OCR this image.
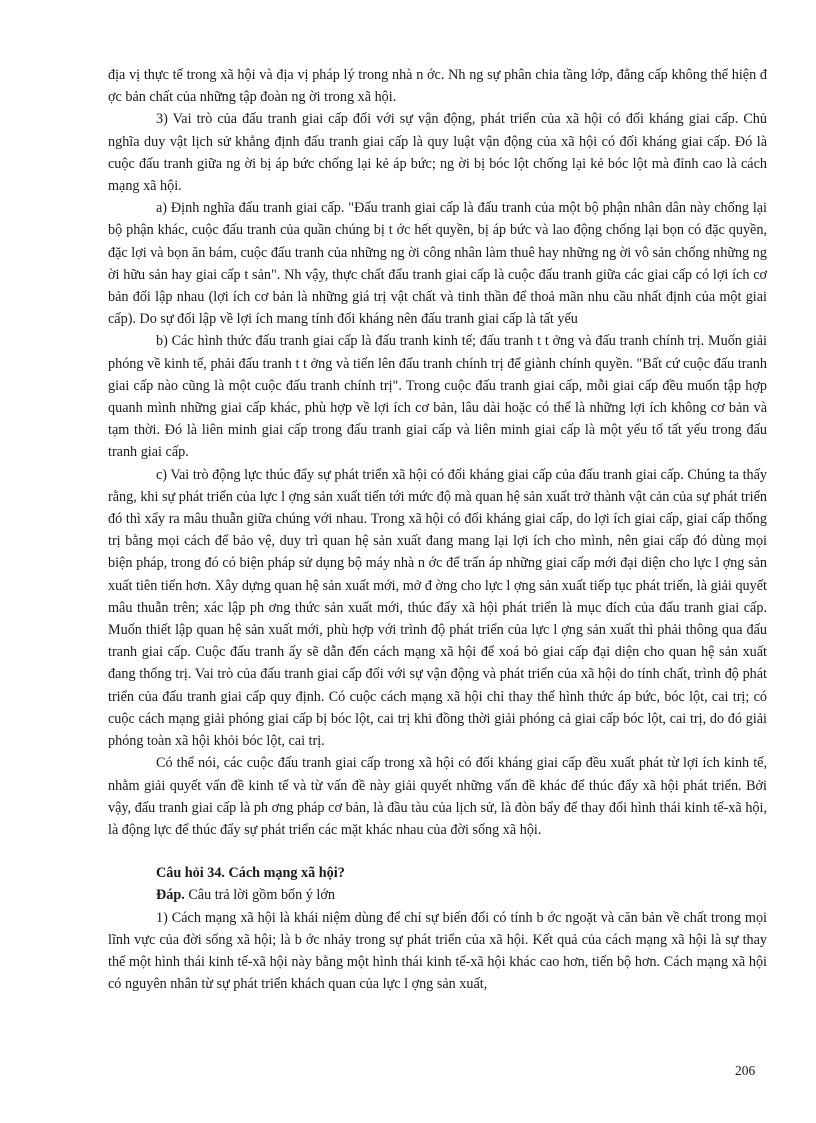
địa vị thực tế trong xã hội và địa vị pháp lý trong nhà n ớc. Nh ng sự phân chia tầng lớp, đẳng cấp không thể hiện đ ợc bản chất của những tập đoàn ng ời trong xã hội.

3) Vai trò của đấu tranh giai cấp đối với sự vận động, phát triển của xã hội có đối kháng giai cấp. Chủ nghĩa duy vật lịch sử khẳng định đấu tranh giai cấp là quy luật vận động của xã hội có đối kháng giai cấp. Đó là cuộc đấu tranh giữa ng ời bị áp bức chống lại kẻ áp bức; ng ời bị bóc lột chống lại kẻ bóc lột mà đỉnh cao là cách mạng xã hội.

a) Định nghĩa đấu tranh giai cấp. "Đấu tranh giai cấp là đấu tranh của một bộ phận nhân dân này chống lại bộ phận khác, cuộc đấu tranh của quần chúng bị t ớc hết quyền, bị áp bức và lao động chống lại bọn có đặc quyền, đặc lợi và bọn ăn bám, cuộc đấu tranh của những ng ời công nhân làm thuê hay những ng ời vô sản chống những ng ời hữu sản hay giai cấp t sản". Nh vậy, thực chất đấu tranh giai cấp là cuộc đấu tranh giữa các giai cấp có lợi ích cơ bản đối lập nhau (lợi ích cơ bản là những giá trị vật chất và tinh thần để thoả mãn nhu cầu nhất định của một giai cấp). Do sự đối lập về lợi ích mang tính đối kháng nên đấu tranh giai cấp là tất yếu

b) Các hình thức đấu tranh giai cấp là đấu tranh kinh tế; đấu tranh t t ởng và đấu tranh chính trị. Muốn giải phóng về kinh tế, phải đấu tranh t t ởng và tiến lên đấu tranh chính trị để giành chính quyền. "Bất cứ cuộc đấu tranh giai cấp nào cũng là một cuộc đấu tranh chính trị". Trong cuộc đấu tranh giai cấp, mỗi giai cấp đều muốn tập hợp quanh mình những giai cấp khác, phù hợp về lợi ích cơ bản, lâu dài hoặc có thể là những lợi ích không cơ bản và tạm thời. Đó là liên minh giai cấp trong đấu tranh giai cấp và liên minh giai cấp là một yếu tố tất yếu trong đấu tranh giai cấp.

c) Vai trò động lực thúc đẩy sự phát triển xã hội có đối kháng giai cấp của đấu tranh giai cấp. Chúng ta thấy rằng, khi sự phát triển của lực l ợng sản xuất tiến tới mức độ mà quan hệ sản xuất trở thành vật cản của sự phát triển đó thì xẩy ra mâu thuẫn giữa chúng với nhau. Trong xã hội có đối kháng giai cấp, do lợi ích giai cấp, giai cấp thống trị bằng mọi cách để bảo vệ, duy trì quan hệ sản xuất đang mang lại lợi ích cho mình, nên giai cấp đó dùng mọi biện pháp, trong đó có biện pháp sử dụng bộ máy nhà n ớc để trấn áp những giai cấp mới đại diện cho lực l ợng sản xuất tiên tiến hơn. Xây dựng quan hệ sản xuất mới, mở đ ờng cho lực l ợng sản xuất tiếp tục phát triển, là giải quyết mâu thuẫn trên; xác lập ph ơng thức sản xuất mới, thúc đẩy xã hội phát triển là mục đích của đấu tranh giai cấp. Muốn thiết lập quan hệ sản xuất mới, phù hợp với trình độ phát triển của lực l ợng sản xuất thì phải thông qua đấu tranh giai cấp. Cuộc đấu tranh ấy sẽ dẫn đến cách mạng xã hội để xoá bỏ giai cấp đại diện cho quan hệ sản xuất đang thống trị. Vai trò của đấu tranh giai cấp đối với sự vận động và phát triển của xã hội do tính chất, trình độ phát triển của đấu tranh giai cấp quy định. Có cuộc cách mạng xã hội chỉ thay thế hình thức áp bức, bóc lột, cai trị; có cuộc cách mạng giải phóng giai cấp bị bóc lột, cai trị khi đồng thời giải phóng cả giai cấp bóc lột, cai trị, do đó giải phóng toàn xã hội khỏi bóc lột, cai trị.

Có thể nói, các cuộc đấu tranh giai cấp trong xã hội có đối kháng giai cấp đều xuất phát từ lợi ích kinh tế, nhằm giải quyết vấn đề kinh tế và từ vấn đề này giải quyết những vấn đề khác để thúc đẩy xã hội phát triển. Bởi vậy, đấu tranh giai cấp là ph ơng pháp cơ bản, là đầu tàu của lịch sử, là đòn bẩy để thay đổi hình thái kinh tế-xã hội, là động lực để thúc đẩy sự phát triển các mặt khác nhau của đời sống xã hội.

Câu hỏi 34. Cách mạng xã hội?

Đáp. Câu trả lời gồm bốn ý lớn

1) Cách mạng xã hội là khái niệm dùng để chỉ sự biến đổi có tính b ớc ngoặt và căn bản về chất trong mọi lĩnh vực của đời sống xã hội; là b ớc nhảy trong sự phát triển của xã hội. Kết quả của cách mạng xã hội là sự thay thế một hình thái kinh tế-xã hội này bằng một hình thái kinh tế-xã hội khác cao hơn, tiến bộ hơn. Cách mạng xã hội có nguyên nhân từ sự phát triển khách quan của lực l ợng sản xuất,

206
